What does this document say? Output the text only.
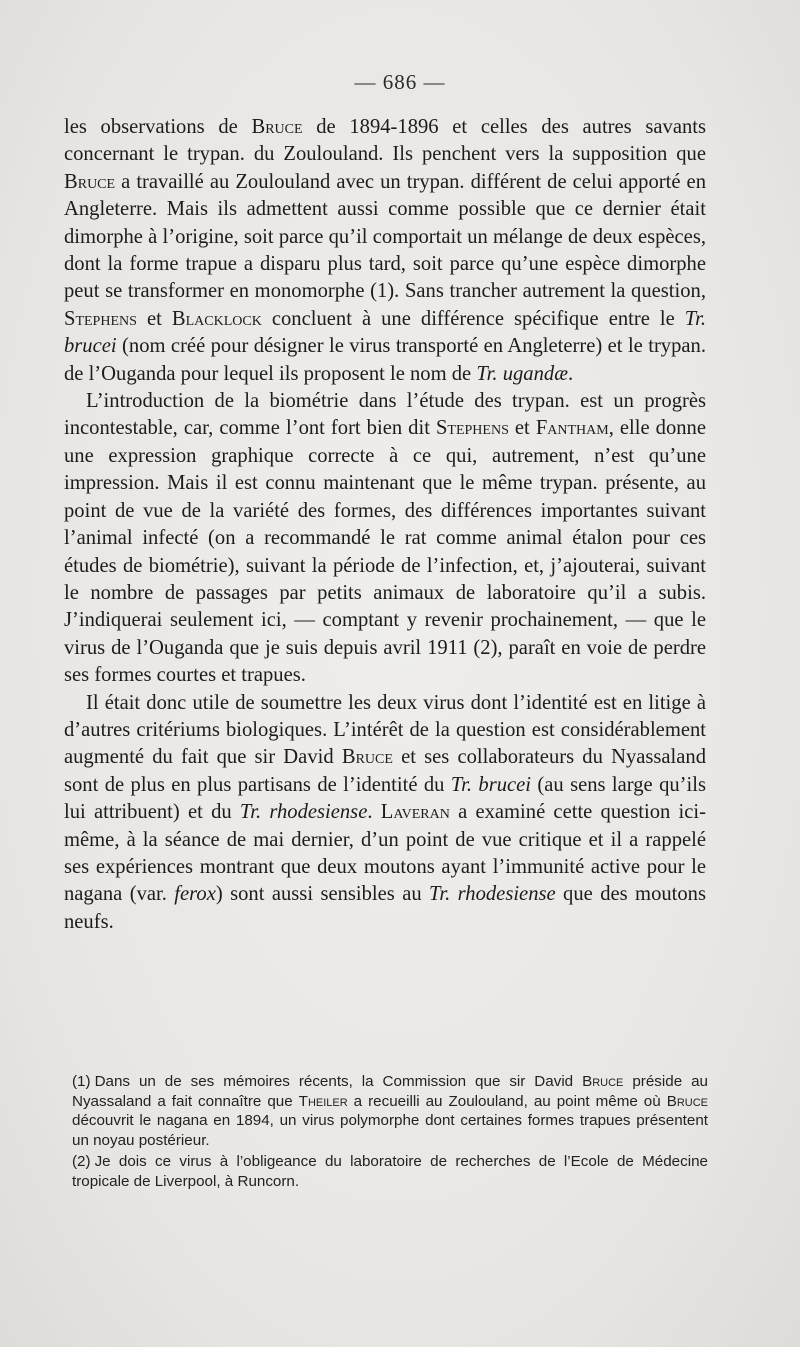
— 686 —

les observations de Bruce de 1894-1896 et celles des autres savants concernant le trypan. du Zoulouland. Ils penchent vers la supposition que Bruce a travaillé au Zoulouland avec un trypan. différent de celui apporté en Angleterre. Mais ils admettent aussi comme possible que ce dernier était dimorphe à l’origine, soit parce qu’il comportait un mélange de deux espèces, dont la forme trapue a disparu plus tard, soit parce qu’une espèce dimorphe peut se transformer en monomorphe (1). Sans trancher autrement la question, Stephens et Blacklock concluent à une différence spécifique entre le Tr. brucei (nom créé pour désigner le virus transporté en Angleterre) et le trypan. de l’Ouganda pour lequel ils proposent le nom de Tr. ugandæ.

L’introduction de la biométrie dans l’étude des trypan. est un progrès incontestable, car, comme l’ont fort bien dit Stephens et Fantham, elle donne une expression graphique correcte à ce qui, autrement, n’est qu’une impression. Mais il est connu maintenant que le même trypan. présente, au point de vue de la variété des formes, des différences importantes suivant l’animal infecté (on a recommandé le rat comme animal étalon pour ces études de biométrie), suivant la période de l’infection, et, j’ajouterai, suivant le nombre de passages par petits animaux de laboratoire qu’il a subis. J’indiquerai seulement ici, — comptant y revenir prochainement, — que le virus de l’Ouganda que je suis depuis avril 1911 (2), paraît en voie de perdre ses formes courtes et trapues.

Il était donc utile de soumettre les deux virus dont l’identité est en litige à d’autres critériums biologiques. L’intérêt de la question est considérablement augmenté du fait que sir David Bruce et ses collaborateurs du Nyassaland sont de plus en plus partisans de l’identité du Tr. brucei (au sens large qu’ils lui attribuent) et du Tr. rhodesiense. Laveran a examiné cette question ici-même, à la séance de mai dernier, d’un point de vue critique et il a rappelé ses expériences montrant que deux moutons ayant l’immunité active pour le nagana (var. ferox) sont aussi sensibles au Tr. rhodesiense que des moutons neufs.

(1) Dans un de ses mémoires récents, la Commission que sir David Bruce préside au Nyassaland a fait connaître que Theiler a recueilli au Zoulouland, au point même où Bruce découvrit le nagana en 1894, un virus polymorphe dont certaines formes trapues présentent un noyau postérieur.

(2) Je dois ce virus à l’obligeance du laboratoire de recherches de l’Ecole de Médecine tropicale de Liverpool, à Runcorn.
